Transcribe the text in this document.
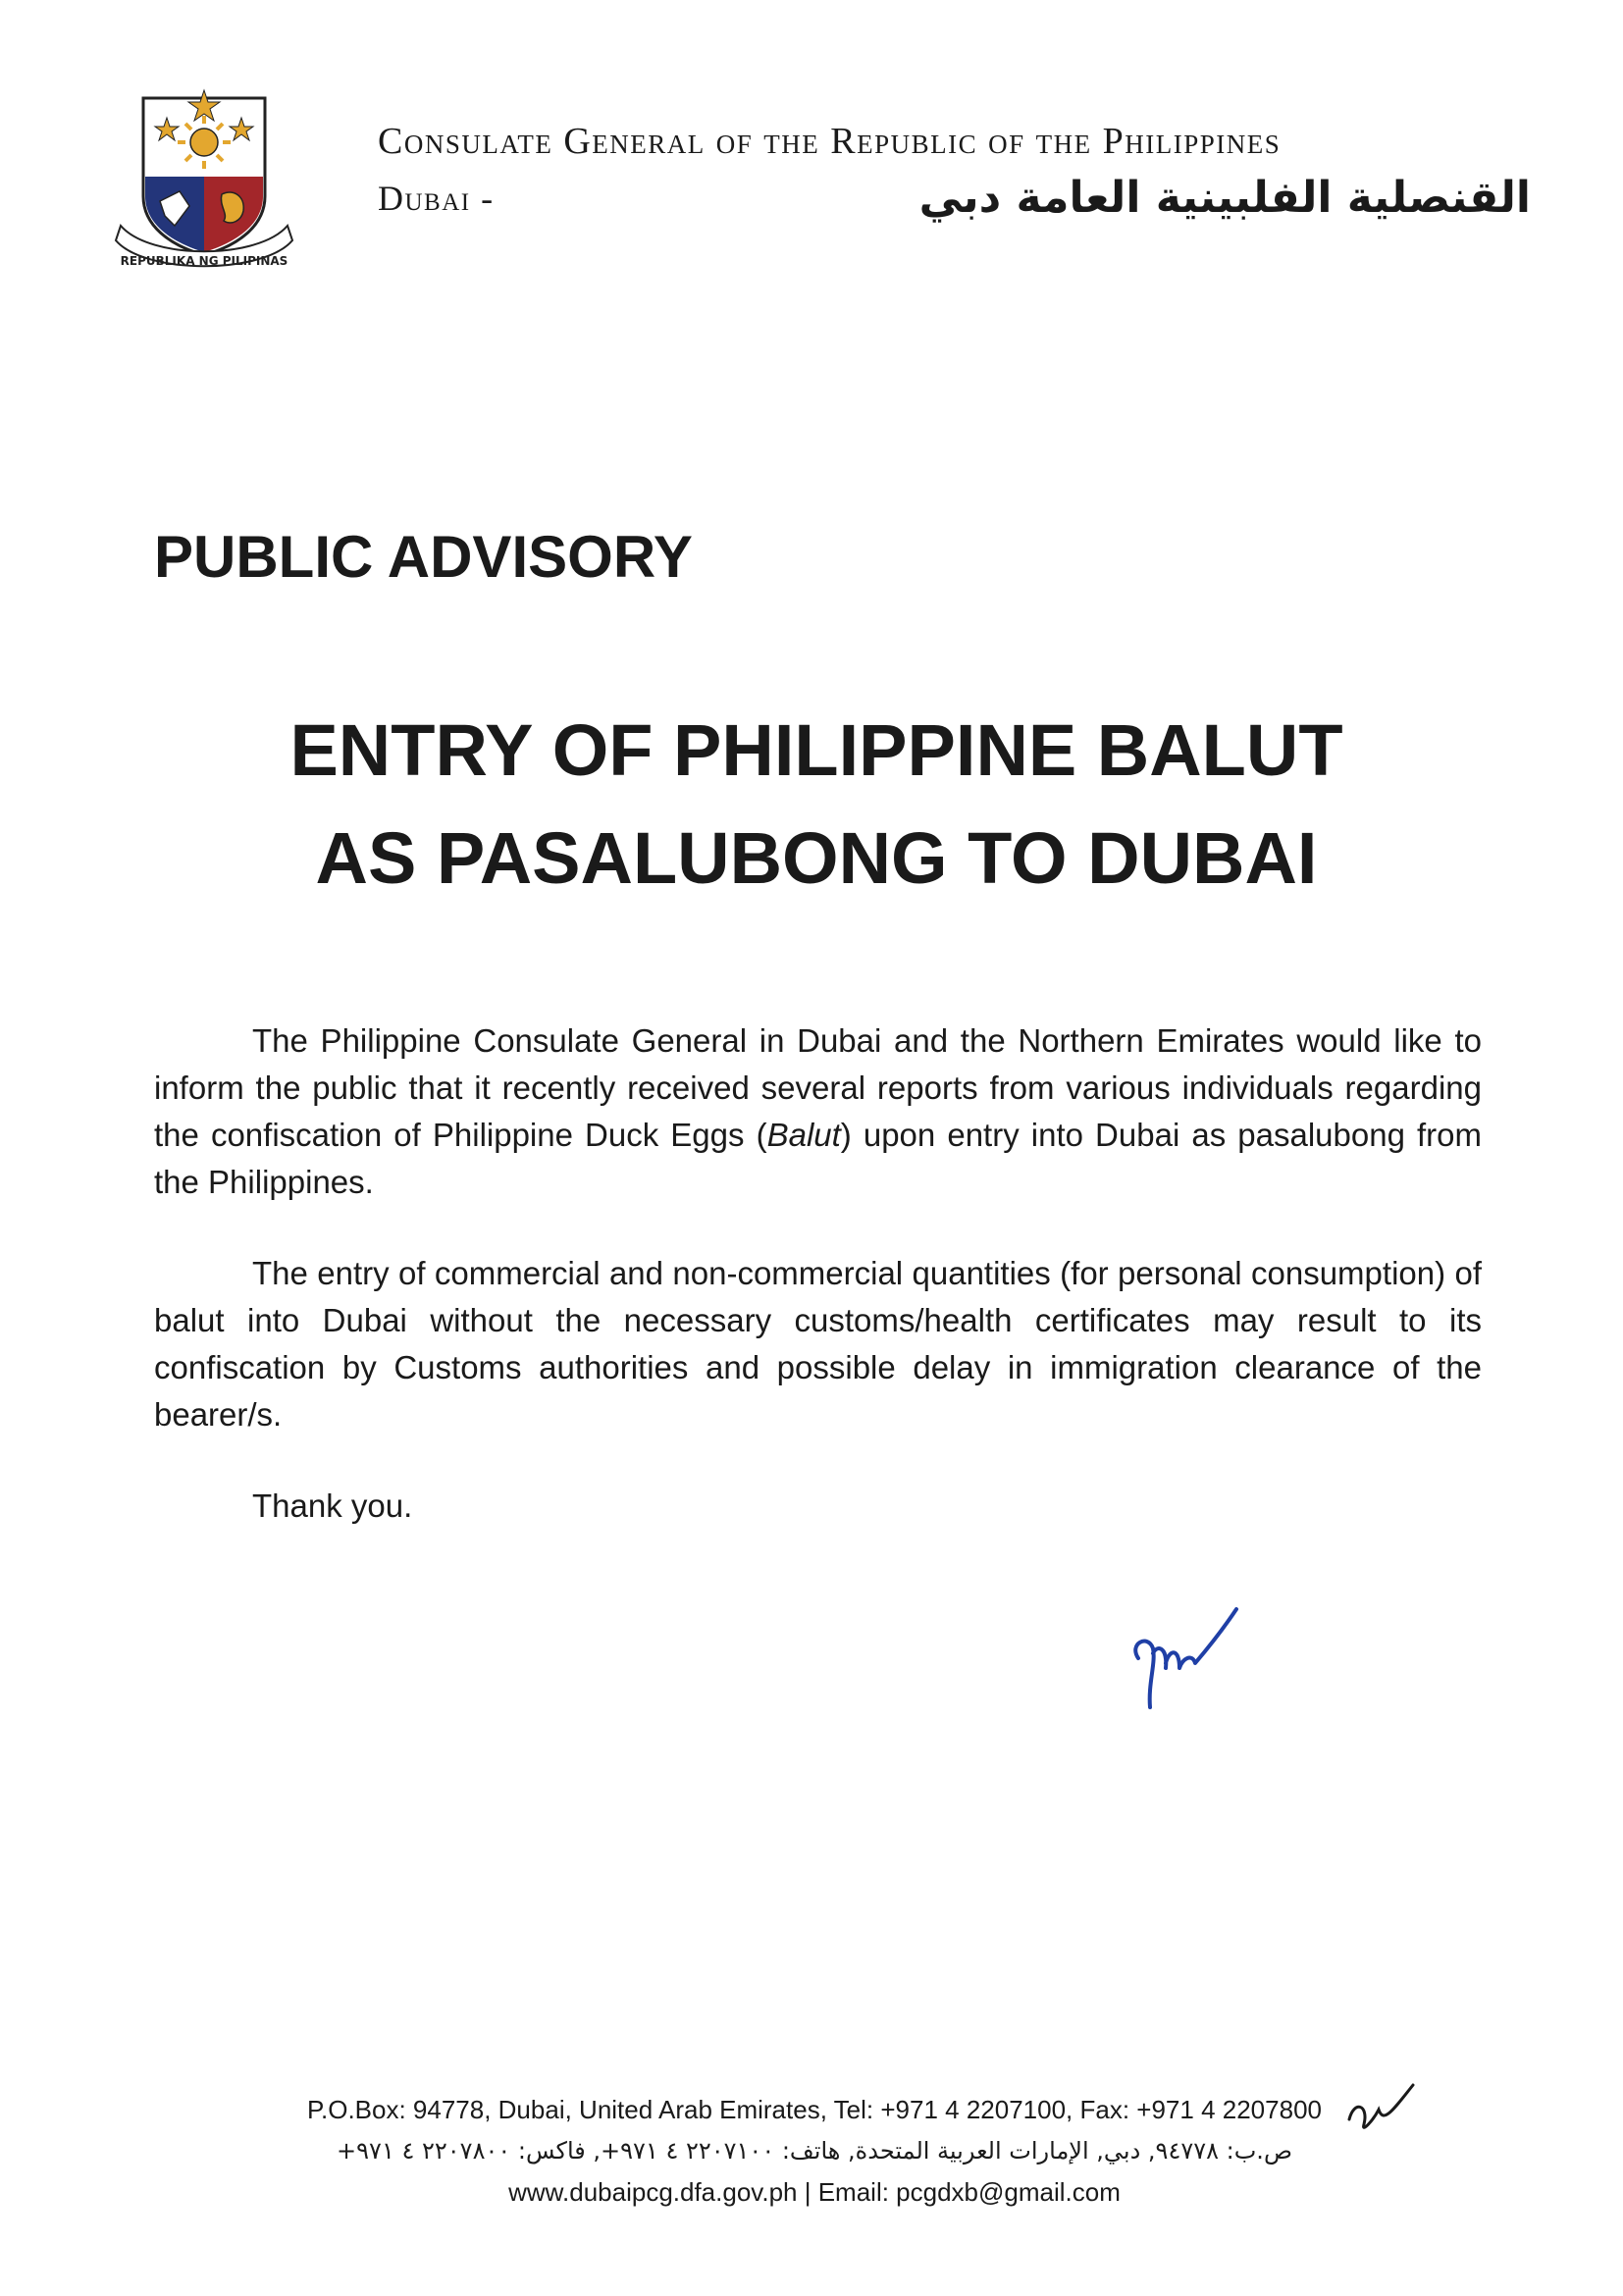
REPUBLIKA NG PILIPINAS
Consulate General of the Republic of the Philippines
Dubai -	القنصلية الفلبينية العامة دبي
PUBLIC ADVISORY
ENTRY OF PHILIPPINE BALUT
AS PASALUBONG TO DUBAI

The Philippine Consulate General in Dubai and the Northern Emirates would like to inform the public that it recently received several reports from various individuals regarding the confiscation of Philippine Duck Eggs (Balut) upon entry into Dubai as pasalubong from the Philippines.

The entry of commercial and non-commercial quantities (for personal consumption) of balut into Dubai without the necessary customs/health certificates may result to its confiscation by Customs authorities and possible delay in immigration clearance of the bearer/s.

Thank you.

P.O.Box: 94778, Dubai, United Arab Emirates, Tel: +971 4 2207100, Fax: +971 4 2207800
ص.ب: ٩٤٧٧٨, دبي, الإمارات العربية المتحدة, هاتف: ٢٢٠٧١٠٠ ٤ ٩٧١+, فاكس: ٢٢٠٧٨٠٠ ٤ ٩٧١+
www.dubaipcg.dfa.gov.ph | Email: pcgdxb@gmail.com
